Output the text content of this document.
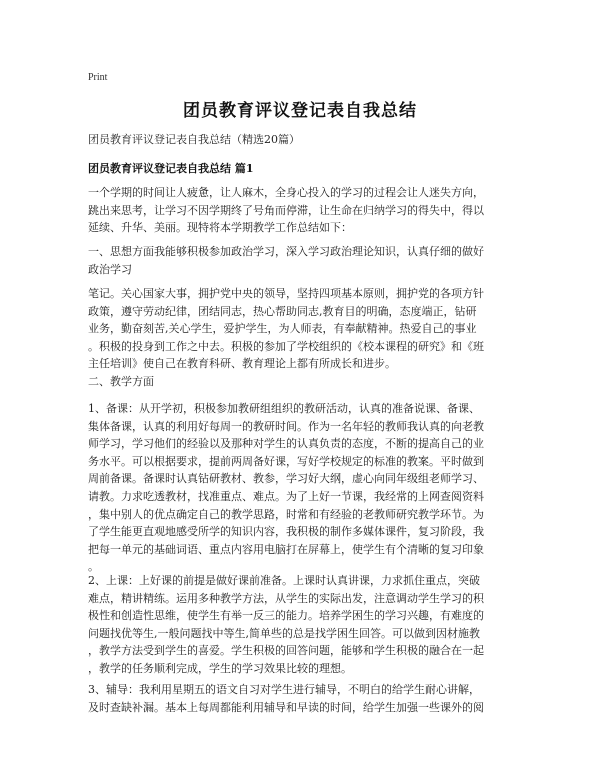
Print
团员教育评议登记表自我总结
团员教育评议登记表自我总结（精选20篇）
团员教育评议登记表自我总结 篇1
一个学期的时间让人疲惫，让人麻木，全身心投入的学习的过程会让人迷失方向，
跳出来思考，让学习不因学期终了号角而停滞，让生命在归纳学习的得失中，得以
延续、升华、美丽。现特将本学期教学工作总结如下：
一、思想方面我能够积极参加政治学习，深入学习政治理论知识，认真仔细的做好
政治学习
笔记。关心国家大事，拥护党中央的领导，坚持四项基本原则，拥护党的各项方针
政策，遵守劳动纪律，团结同志，热心帮助同志,教育目的明确，态度端正，钻研
业务，勤奋刻苦,关心学生，爱护学生，为人师表，有奉献精神。热爱自己的事业
。积极的投身到工作之中去。积极的参加了学校组织的《校本课程的研究》和《班
主任培训》使自己在教育科研、教育理论上都有所成长和进步。
二、教学方面
1、备课：从开学初，积极参加教研组组织的教研活动，认真的准备说课、备课、
集体备课，认真的利用好每周一的教研时间。作为一名年轻的教师我认真的向老教
师学习，学习他们的经验以及那种对学生的认真负责的态度，不断的提高自己的业
务水平。可以根据要求，提前两周备好课，写好学校规定的标准的教案。平时做到
周前备课。备课时认真钻研教材、教参，学习好大纲，虚心向同年级组老师学习、
请教。力求吃透教材，找准重点、难点。为了上好一节课，我经常的上网查阅资料
，集中别人的优点确定自己的教学思路，时常和有经验的老教师研究教学环节。为
了学生能更直观地感受所学的知识内容，我积极的制作多媒体课件，复习阶段，我
把每一单元的基础词语、重点内容用电脑打在屏幕上，使学生有个清晰的复习印象
。
2、上课：上好课的前提是做好课前准备。上课时认真讲课，力求抓住重点，突破
难点，精讲精练。运用多种教学方法，从学生的实际出发，注意调动学生学习的积
极性和创造性思维，使学生有举一反三的能力。培养学困生的学习兴趣，有难度的
问题找优等生,一般问题找中等生,简单些的总是找学困生回答。可以做到因材施教
，教学方法受到学生的喜爱。学生积极的回答问题，能够和学生积极的融合在一起
，教学的任务顺利完成，学生的学习效果比较的理想。
3、辅导：我利用星期五的语文自习对学生进行辅导，不明白的给学生耐心讲解，
及时查缺补漏。基本上每周都能利用辅导和早读的时间，给学生加强一些课外的阅
